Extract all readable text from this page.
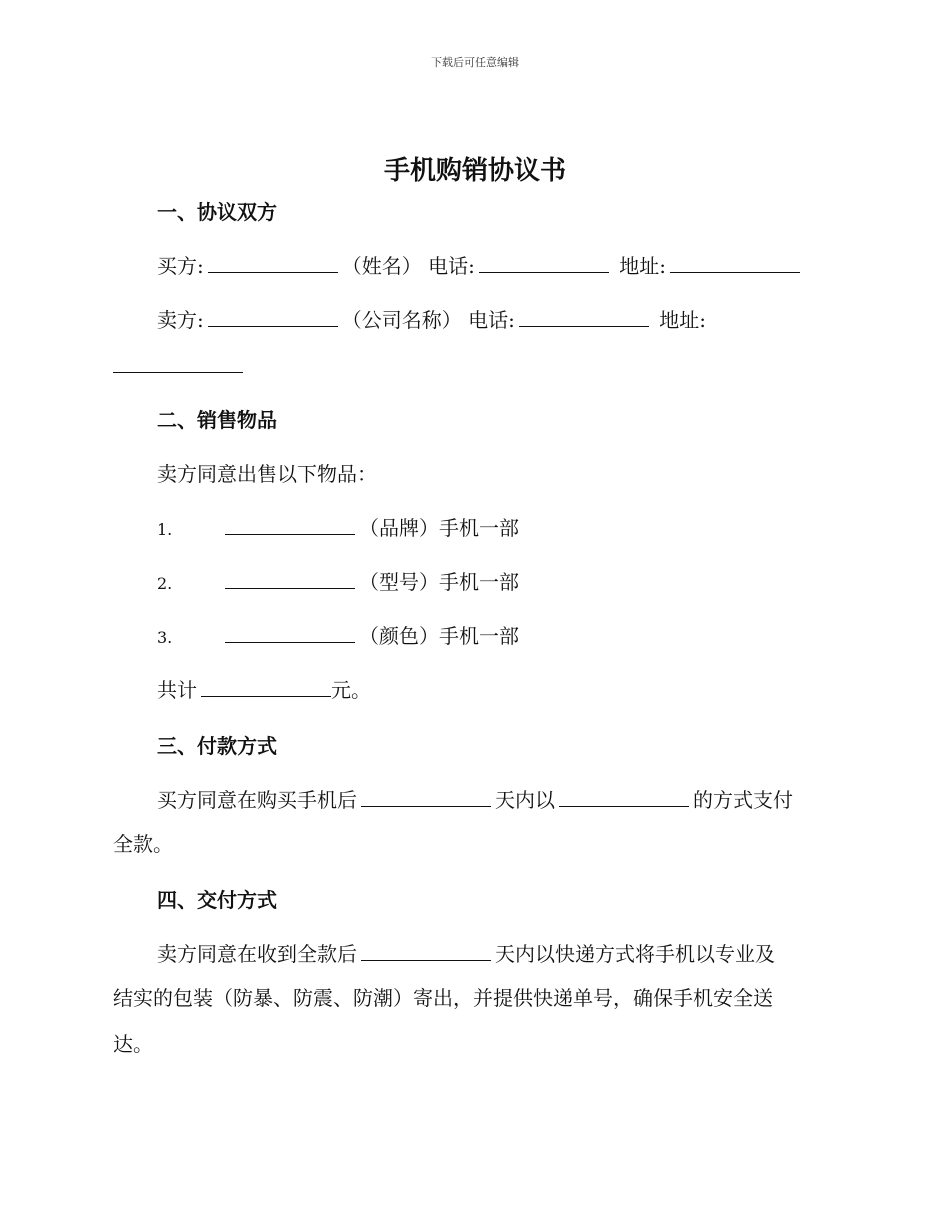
下载后可任意编辑
手机购销协议书
一、协议双方
买方:	（姓名） 电话:	地址:
卖方:	（公司名称） 电话:	地址:
二、销售物品
卖方同意出售以下物品：
1.	（品牌）手机一部
2.	（型号）手机一部
3.	（颜色）手机一部
共计	元。
三、付款方式
买方同意在购买手机后	天内以	的方式支付
全款。
四、交付方式
卖方同意在收到全款后	天内以快递方式将手机以专业及
结实的包装（防暴、防震、防潮）寄出，并提供快递单号，确保手机安全送
达。
